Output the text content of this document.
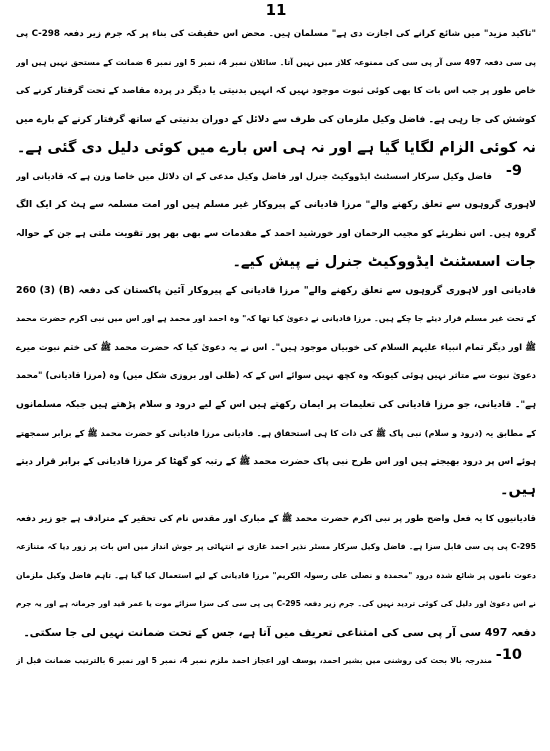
11
"تاکید مزید" میں شائع کرانے کی اجازت دی ہے" مسلمان ہیں۔ محض اس حقیقت کی بناء پر کہ جرم زیر دفعہ 298-C پی
پی سی دفعہ 497 سی آر پی سی کی ممنوعہ کلاز میں نہیں آتا۔ سائلان نمبر 4، نمبر 5 اور نمبر 6 ضمانت کے مستحق نہیں ہیں اور
خاص طور پر جب اس بات کا بھی کوئی ثبوت موجود نہیں کہ انہیں بدنیتی یا دیگر در پردہ مقاصد کے تحت گرفتار کرنے کی
کوشش کی جا رہی ہے۔ فاضل وکیل ملزمان کی طرف سے دلائل کے دوران بدنیتی کے ساتھ گرفتار کرنے کے بارے میں
نہ کوئی الزام لگایا گیا ہے اور نہ ہی اس بارے میں کوئی دلیل دی گئی ہے۔
-9
فاضل وکیل سرکار اسسٹنٹ ایڈووکیٹ جنرل اور فاضل وکیل مدعی کے ان دلائل میں خاصا وزن ہے کہ قادیانی اور
لاہوری گروہوں سے تعلق رکھنے والے" مرزا قادیانی کے پیروکار غیر مسلم ہیں اور امت مسلمہ سے ہٹ کر ایک الگ
گروہ ہیں۔ اس نظریئے کو مجیب الرحمان اور خورشید احمد کے مقدمات سے بھی بھر پور تقویت ملتی ہے جن کے حوالہ
جات اسسٹنٹ ایڈووکیٹ جنرل نے پیش کیے۔
قادیانی اور لاہوری گروہوں سے تعلق رکھنے والے" مرزا قادیانی کے پیروکار آئین پاکستان کی دفعہ (B) (3) 260
کے تحت غیر مسلم قرار دیئے جا چکے ہیں۔ مرزا قادیانی نے دعویٰ کیا تھا کہ" وہ احمد اور محمد ہے اور اس میں نبی اکرم حضرت محمد
ﷺ اور دیگر تمام انبیاء علیہم السلام کی خوبیاں موجود ہیں"۔ اس نے یہ دعویٰ کیا کہ حضرت محمد ﷺ کی ختم نبوت میرے
دعویٰ نبوت سے متاثر نہیں ہوئی کیونکہ وہ کچھ نہیں سوائے اس کے کہ (ظلی اور بروزی شکل میں) وہ (مرزا قادیانی) "محمد
ہے"۔ قادیانی، جو مرزا قادیانی کی تعلیمات پر ایمان رکھتے ہیں اس کے لیے درود و سلام پڑھتے ہیں جبکہ مسلمانوں
کے مطابق یہ (درود و سلام) نبی پاک ﷺ کی ذات کا ہی استحقاق ہے۔ قادیانی مرزا قادیانی کو حضرت محمد ﷺ کے برابر سمجھتے
ہوئے اس پر درود بھیجتے ہیں اور اس طرح نبی پاک حضرت محمد ﷺ کے رتبہ کو گھٹا کر مرزا قادیانی کے برابر قرار دیتے
ہیں۔
قادیانیوں کا یہ فعل واضح طور پر نبی اکرم حضرت محمد ﷺ کے مبارک اور مقدس نام کی تحقیر کے مترادف ہے جو زیر دفعہ
295-C پی پی سی قابل سزا ہے۔ فاضل وکیل سرکار مسٹر نذیر احمد غازی نے انتہائی پر جوش انداز میں اس بات پر زور دیا کہ متنازعہ
دعوت ناموں پر شائع شدہ درود "محمدہ و نصلی علی رسولہ الکریم" مرزا قادیانی کے لیے استعمال کیا گیا ہے۔ تاہم فاضل وکیل ملزمان
نے اس دعویٰ اور دلیل کی کوئی تردید نہیں کی۔ جرم زیر دفعہ 295-C پی پی سی کی سزا سزائے موت یا عمر قید اور جرمانہ ہے اور یہ جرم
دفعہ 497 سی آر پی سی کی امتناعی تعریف میں آتا ہے، جس کے تحت ضمانت نہیں لی جا سکتی۔
-10
مندرجہ بالا بحث کی روشنی میں بشیر احمد، یوسف اور اعجاز احمد ملزم نمبر 4، نمبر 5 اور نمبر 6 بالترتیب ضمانت قبل از
